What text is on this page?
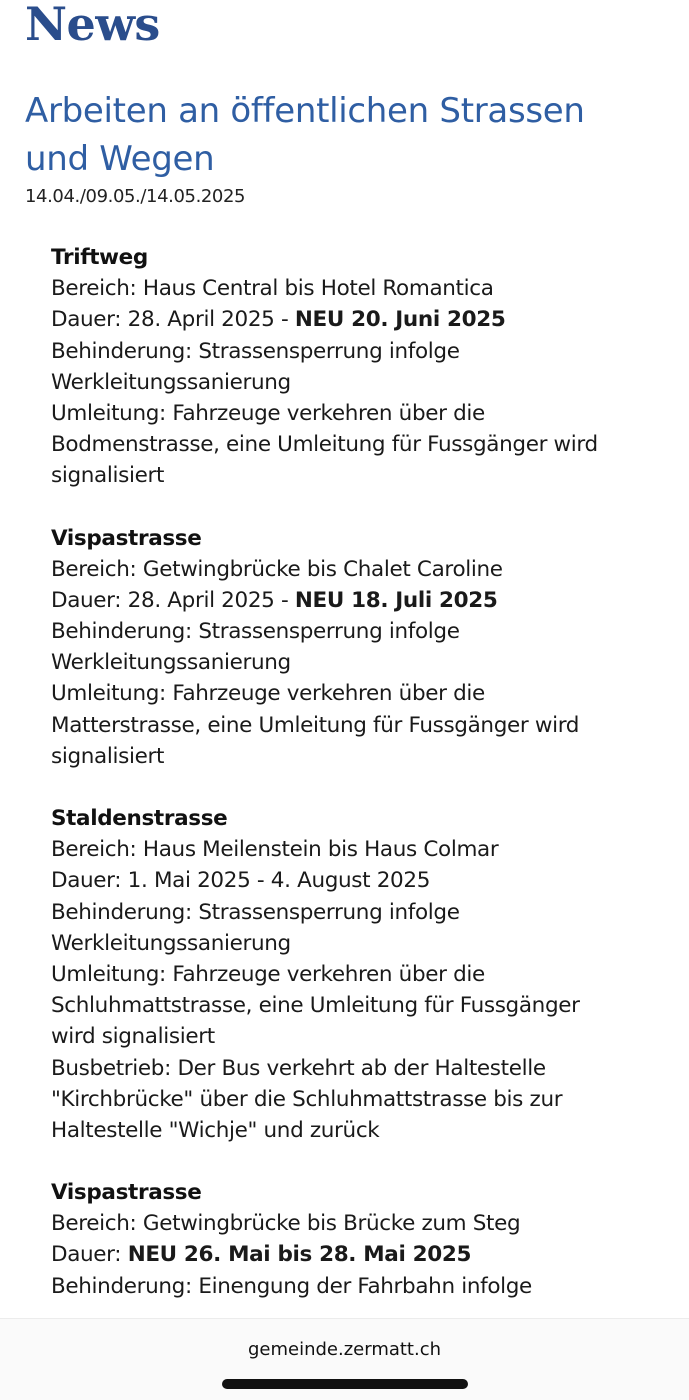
News
Arbeiten an öffentlichen Strassen
und Wegen
14.04./09.05./14.05.2025
Triftweg
Bereich: Haus Central bis Hotel Romantica
Dauer: 28. April 2025 - NEU 20. Juni 2025
Behinderung: Strassensperrung infolge
Werkleitungssanierung
Umleitung: Fahrzeuge verkehren über die
Bodmenstrasse, eine Umleitung für Fussgänger wird
signalisiert
Vispastrasse
Bereich: Getwingbrücke bis Chalet Caroline
Dauer: 28. April 2025 - NEU 18. Juli 2025
Behinderung: Strassensperrung infolge
Werkleitungssanierung
Umleitung: Fahrzeuge verkehren über die
Matterstrasse, eine Umleitung für Fussgänger wird
signalisiert
Staldenstrasse
Bereich: Haus Meilenstein bis Haus Colmar
Dauer: 1. Mai 2025 - 4. August 2025
Behinderung: Strassensperrung infolge
Werkleitungssanierung
Umleitung: Fahrzeuge verkehren über die
Schluhmattstrasse, eine Umleitung für Fussgänger
wird signalisiert
Busbetrieb: Der Bus verkehrt ab der Haltestelle
"Kirchbrücke" über die Schluhmattstrasse bis zur
Haltestelle "Wichje" und zurück
Vispastrasse
Bereich: Getwingbrücke bis Brücke zum Steg
Dauer: NEU 26. Mai bis 28. Mai 2025
Behinderung: Einengung der Fahrbahn infolge
gemeinde.zermatt.ch
